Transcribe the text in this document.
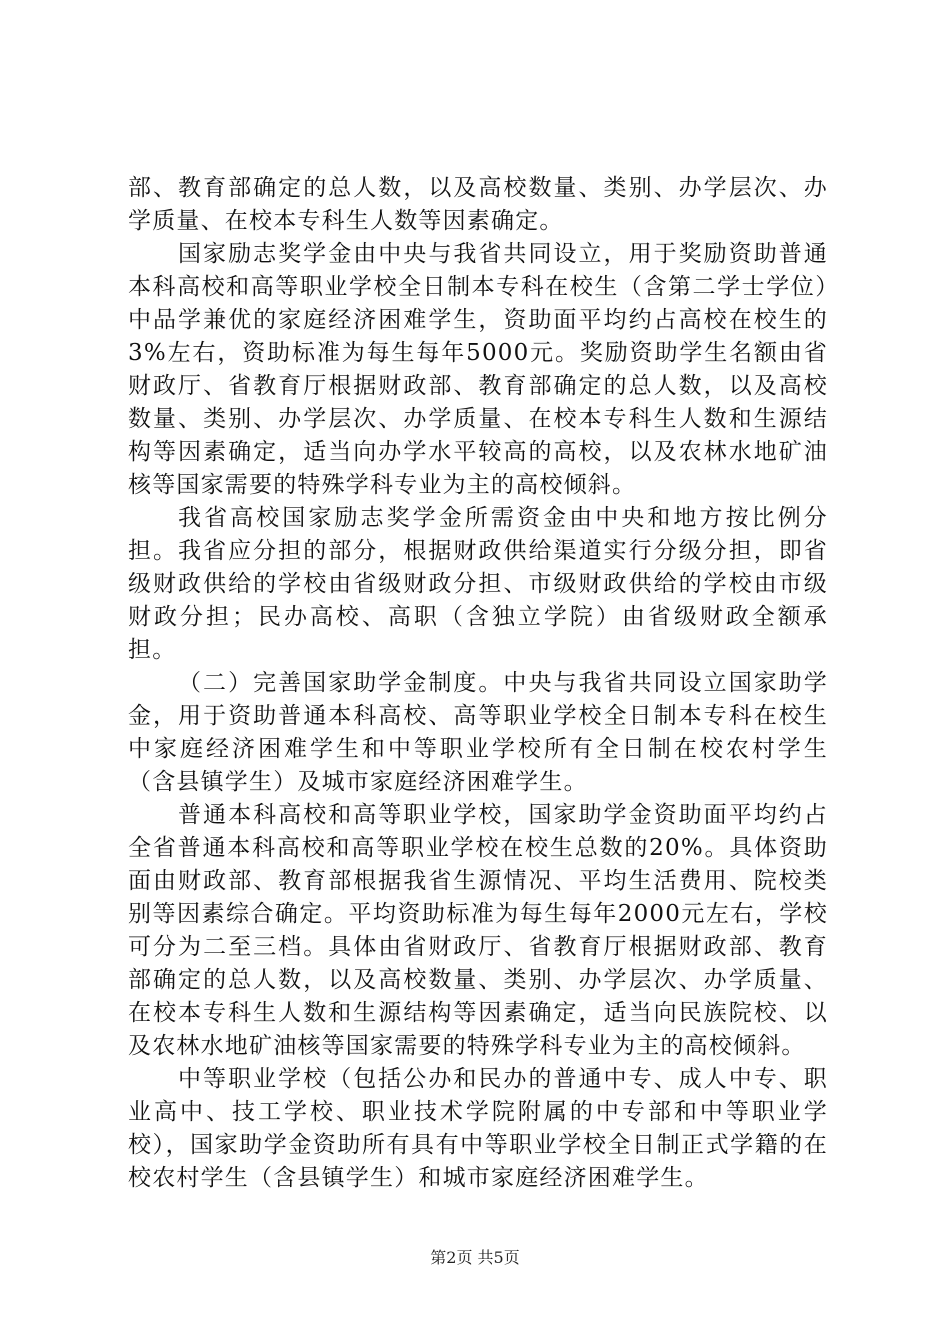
部、教育部确定的总人数，以及高校数量、类别、办学层次、办学质量、在校本专科生人数等因素确定。

国家励志奖学金由中央与我省共同设立，用于奖励资助普通本科高校和高等职业学校全日制本专科在校生（含第二学士学位）中品学兼优的家庭经济困难学生，资助面平均约占高校在校生的3%左右，资助标准为每生每年5000元。奖励资助学生名额由省财政厅、省教育厅根据财政部、教育部确定的总人数，以及高校数量、类别、办学层次、办学质量、在校本专科生人数和生源结构等因素确定，适当向办学水平较高的高校，以及农林水地矿油核等国家需要的特殊学科专业为主的高校倾斜。

我省高校国家励志奖学金所需资金由中央和地方按比例分担。我省应分担的部分，根据财政供给渠道实行分级分担，即省级财政供给的学校由省级财政分担、市级财政供给的学校由市级财政分担；民办高校、高职（含独立学院）由省级财政全额承担。

（二）完善国家助学金制度。中央与我省共同设立国家助学金，用于资助普通本科高校、高等职业学校全日制本专科在校生中家庭经济困难学生和中等职业学校所有全日制在校农村学生（含县镇学生）及城市家庭经济困难学生。

普通本科高校和高等职业学校，国家助学金资助面平均约占全省普通本科高校和高等职业学校在校生总数的20%。具体资助面由财政部、教育部根据我省生源情况、平均生活费用、院校类别等因素综合确定。平均资助标准为每生每年2000元左右，学校可分为二至三档。具体由省财政厅、省教育厅根据财政部、教育部确定的总人数，以及高校数量、类别、办学层次、办学质量、在校本专科生人数和生源结构等因素确定，适当向民族院校、以及农林水地矿油核等国家需要的特殊学科专业为主的高校倾斜。

中等职业学校（包括公办和民办的普通中专、成人中专、职业高中、技工学校、职业技术学院附属的中专部和中等职业学校），国家助学金资助所有具有中等职业学校全日制正式学籍的在校农村学生（含县镇学生）和城市家庭经济困难学生。

第2页 共5页
